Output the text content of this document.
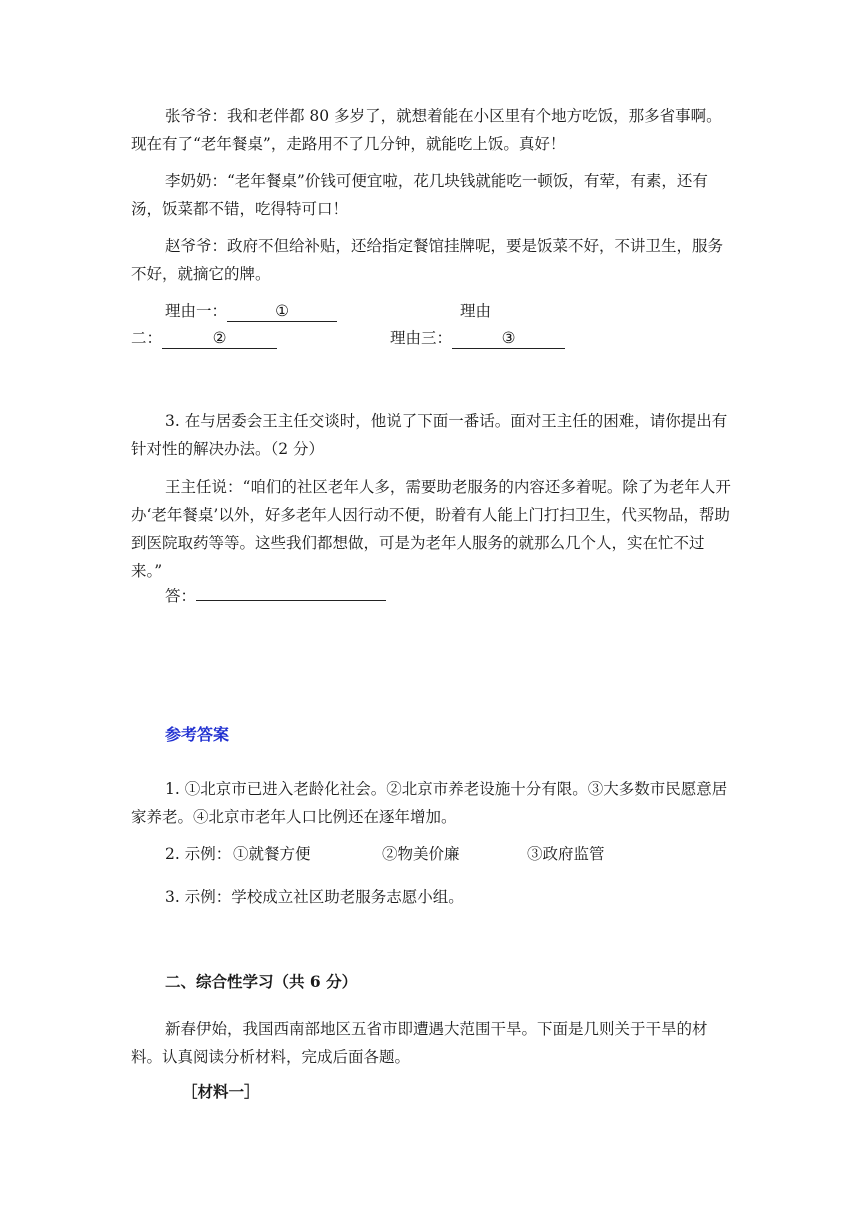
张爷爷：我和老伴都 80 多岁了，就想着能在小区里有个地方吃饭，那多省事啊。现在有了“老年餐桌”，走路用不了几分钟，就能吃上饭。真好！

李奶奶：“老年餐桌”价钱可便宜啦，花几块钱就能吃一顿饭，有荤，有素，还有汤，饭菜都不错，吃得特可口！

赵爷爷：政府不但给补贴，还给指定餐馆挂牌呢，要是饭菜不好，不讲卫生，服务不好，就摘它的牌。

理由一：	①	理由
二：	②	理由三：	③

3. 在与居委会王主任交谈时，他说了下面一番话。面对王主任的困难，请你提出有针对性的解决办法。（2 分）

王主任说：“咱们的社区老年人多，需要助老服务的内容还多着呢。除了为老年人开办‘老年餐桌’以外，好多老年人因行动不便，盼着有人能上门打扫卫生，代买物品，帮助到医院取药等等。这些我们都想做，可是为老年人服务的就那么几个人，实在忙不过来。”

答：
参考答案

1. ①北京市已进入老龄化社会。②北京市养老设施十分有限。③大多数市民愿意居家养老。④北京市老年人口比例还在逐年增加。

2. 示例： ①就餐方便	②物美价廉	③政府监管
3. 示例：学校成立社区助老服务志愿小组。
二、综合性学习（共 6 分）

新春伊始，我国西南部地区五省市即遭遇大范围干旱。下面是几则关于干旱的材料。认真阅读分析材料，完成后面各题。

［材料一］
